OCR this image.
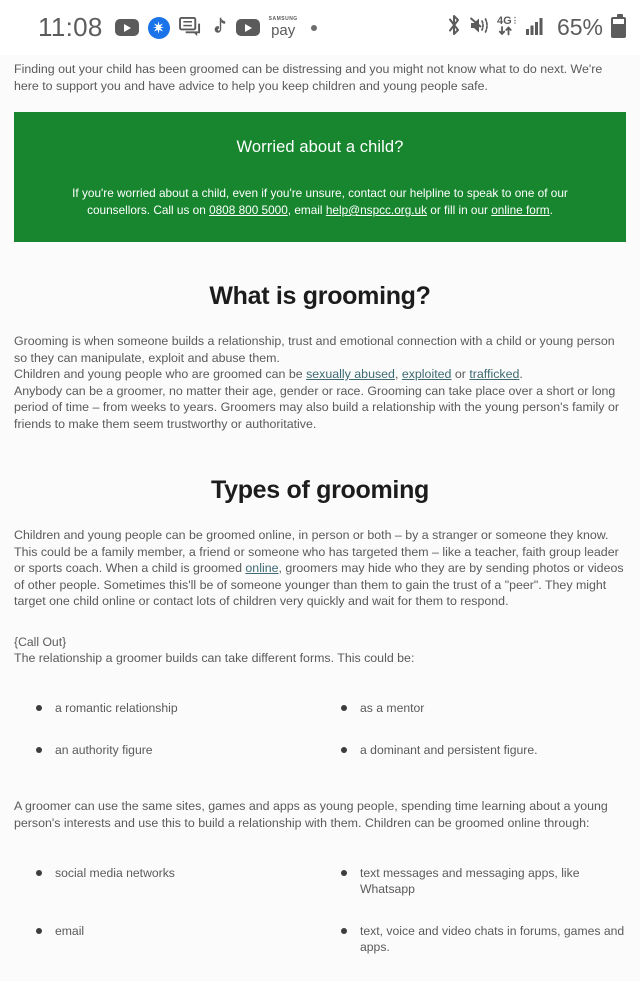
11:08	SAMSUNG
pay
4G ⋮ 65%

Finding out your child has been groomed can be distressing and you might not know what to do next. We're here to support you and have advice to help you keep children and young people safe.

Worried about a child?
If you're worried about a child, even if you're unsure, contact our helpline to speak to one of our counsellors. Call us on 0808 800 5000, email help@nspcc.org.uk or fill in our online form.
What is grooming?

Grooming is when someone builds a relationship, trust and emotional connection with a child or young person so they can manipulate, exploit and abuse them.

Children and young people who are groomed can be sexually abused, exploited or trafficked.

Anybody can be a groomer, no matter their age, gender or race. Grooming can take place over a short or long period of time – from weeks to years. Groomers may also build a relationship with the young person's family or friends to make them seem trustworthy or authoritative.

Types of grooming

Children and young people can be groomed online, in person or both – by a stranger or someone they know. This could be a family member, a friend or someone who has targeted them – like a teacher, faith group leader or sports coach. When a child is groomed online, groomers may hide who they are by sending photos or videos of other people. Sometimes this'll be of someone younger than them to gain the trust of a "peer". They might target one child online or contact lots of children very quickly and wait for them to respond.

{Call Out}

The relationship a groomer builds can take different forms. This could be:

a romantic relationship	as a mentor
an authority figure	a dominant and persistent figure.

A groomer can use the same sites, games and apps as young people, spending time learning about a young person's interests and use this to build a relationship with them. Children can be groomed online through:

social media networks	text messages and messaging apps, like Whatsapp
email	text, voice and video chats in forums, games and apps.
